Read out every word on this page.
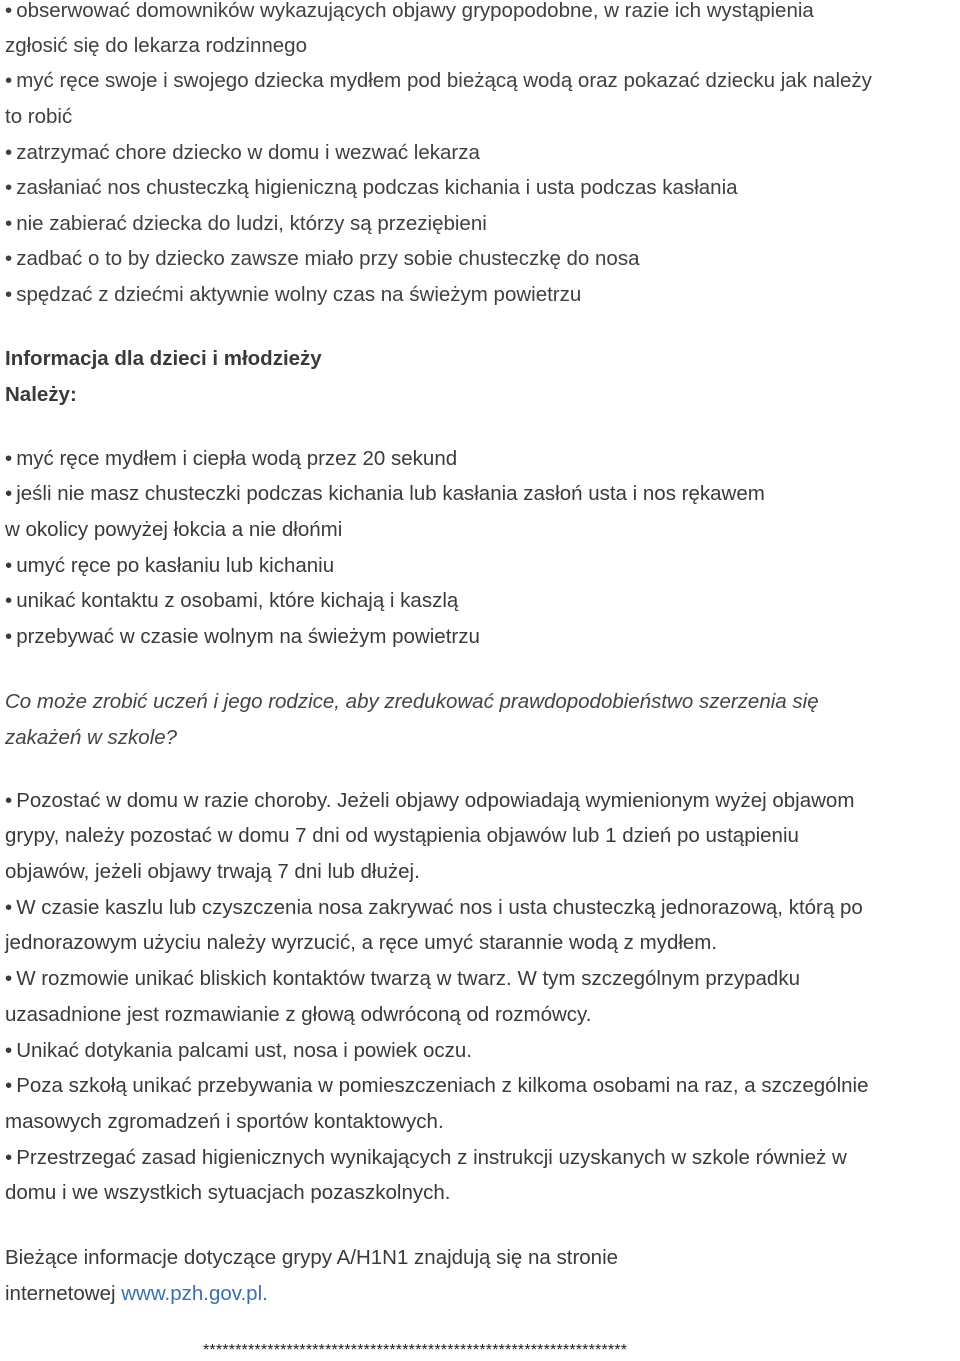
• obserwować domowników wykazujących objawy grypopodobne, w razie ich wystąpienia
zgłosić się do lekarza rodzinnego
• myć ręce swoje i swojego dziecka mydłem pod bieżącą wodą oraz pokazać dziecku jak należy
to robić
• zatrzymać chore dziecko w domu i wezwać lekarza
• zasłaniać nos chusteczką higieniczną podczas kichania i usta podczas kasłania
• nie zabierać dziecka do ludzi, którzy są przeziębieni
• zadbać o to by dziecko zawsze miało przy sobie chusteczkę do nosa
• spędzać z dziećmi aktywnie wolny czas na świeżym powietrzu
Informacja dla dzieci i młodzieży
Należy:
• myć ręce mydłem i ciepła wodą przez 20 sekund
• jeśli nie masz chusteczki podczas kichania lub kasłania zasłoń usta i nos rękawem
w okolicy powyżej łokcia a nie dłońmi
• umyć ręce po kasłaniu lub kichaniu
• unikać kontaktu z osobami, które kichają i kaszlą
• przebywać w czasie wolnym na świeżym powietrzu
Co może zrobić uczeń i jego rodzice, aby zredukować prawdopodobieństwo szerzenia się
zakażeń w szkole?
• Pozostać w domu w razie choroby. Jeżeli objawy odpowiadają wymienionym wyżej objawom
grypy, należy pozostać w domu 7 dni od wystąpienia objawów lub 1 dzień po ustąpieniu
objawów, jeżeli objawy trwają 7 dni lub dłużej.
• W czasie kaszlu lub czyszczenia nosa zakrywać nos i usta chusteczką jednorazową, którą po
jednorazowym użyciu należy wyrzucić, a ręce umyć starannie wodą z mydłem.
• W rozmowie unikać bliskich kontaktów twarzą w twarz. W tym szczególnym przypadku
uzasadnione jest rozmawianie z głową odwróconą od rozmówcy.
• Unikać dotykania palcami ust, nosa i powiek oczu.
• Poza szkołą unikać przebywania w pomieszczeniach z kilkoma osobami na raz, a szczególnie
masowych zgromadzeń i sportów kontaktowych.
• Przestrzegać zasad higienicznych wynikających z instrukcji uzyskanych w szkole również w
domu i we wszystkich sytuacjach pozaszkolnych.
Bieżące informacje dotyczące grypy A/H1N1 znajdują się na stronie
internetowej www.pzh.gov.pl.
******************************************************************
